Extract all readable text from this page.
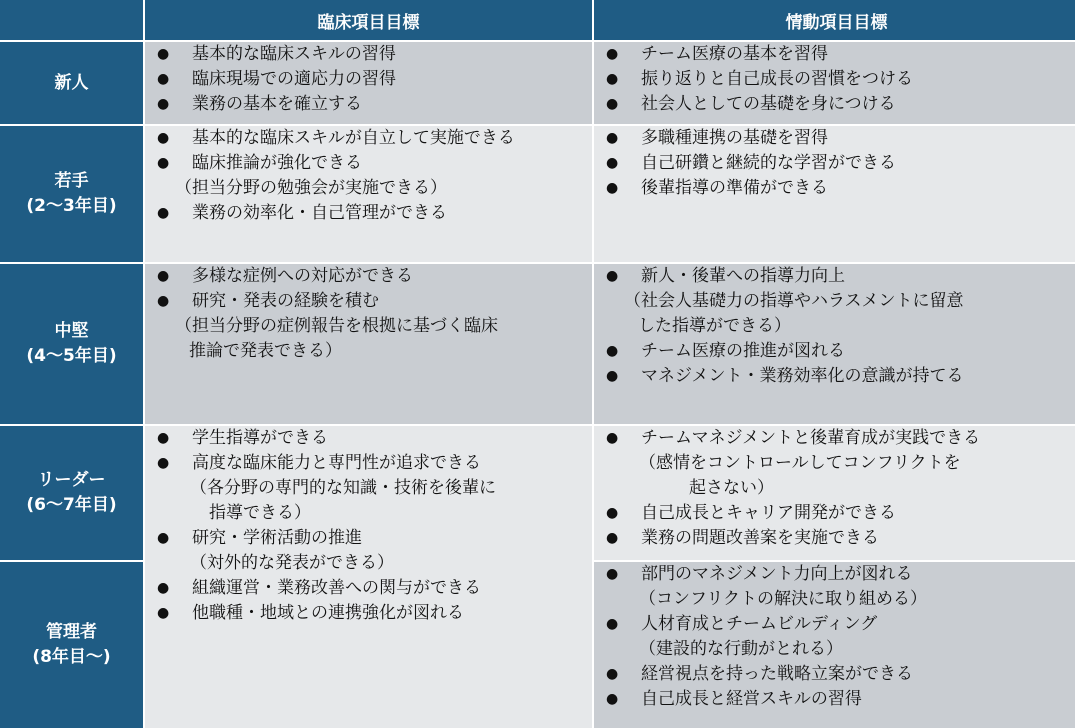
臨床項目目標	情動項目目標
新人
● 基本的な臨床スキルの習得
● 臨床現場での適応力の習得
● 業務の基本を確立する
● チーム医療の基本を習得
● 振り返りと自己成長の習慣をつける
● 社会人としての基礎を身につける
若手
(2〜3年目)
● 基本的な臨床スキルが自立して実施できる
● 臨床推論が強化できる
（担当分野の勉強会が実施できる）
● 業務の効率化・自己管理ができる
● 多職種連携の基礎を習得
● 自己研鑽と継続的な学習ができる
● 後輩指導の準備ができる
中堅
(4〜5年目)
● 多様な症例への対応ができる
● 研究・発表の経験を積む
（担当分野の症例報告を根拠に基づく臨床
推論で発表できる）
● 新人・後輩への指導力向上
（社会人基礎力の指導やハラスメントに留意
した指導ができる）
● チーム医療の推進が図れる
● マネジメント・業務効率化の意識が持てる
リーダー
(6〜7年目)
● 学生指導ができる
● 高度な臨床能力と専門性が追求できる
（各分野の専門的な知識・技術を後輩に
指導できる）
● 研究・学術活動の推進
（対外的な発表ができる）
● 組織運営・業務改善への関与ができる
● 他職種・地域との連携強化が図れる
● チームマネジメントと後輩育成が実践できる
（感情をコントロールしてコンフリクトを
起さない）
● 自己成長とキャリア開発ができる
● 業務の問題改善案を実施できる
管理者
(8年目〜)
● 部門のマネジメント力向上が図れる
（コンフリクトの解決に取り組める）
● 人材育成とチームビルディング
（建設的な行動がとれる）
● 経営視点を持った戦略立案ができる
● 自己成長と経営スキルの習得
